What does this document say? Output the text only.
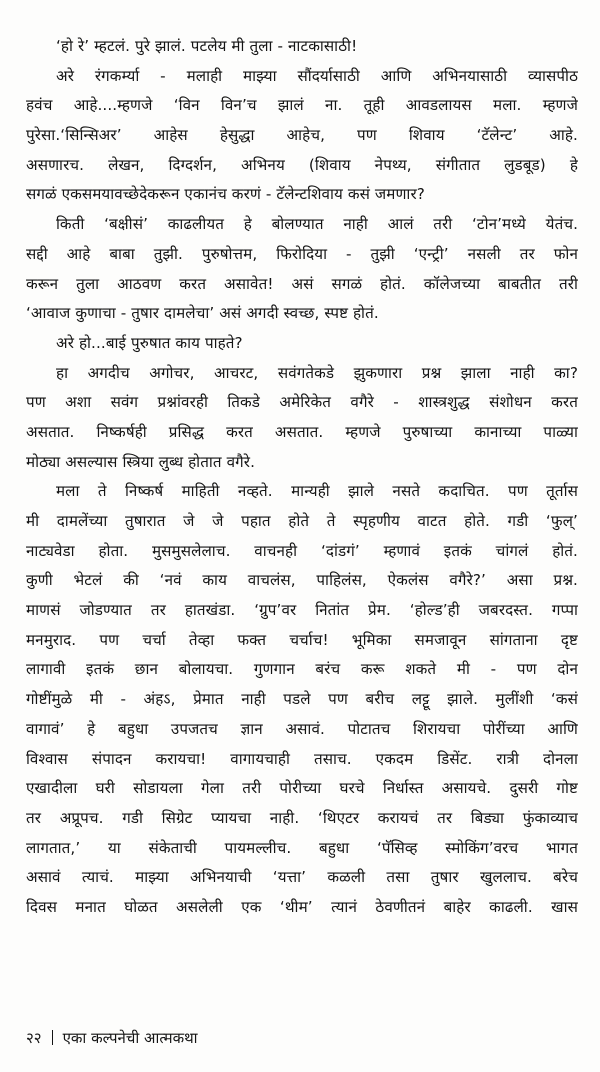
‘हो रे’ म्हटलं. पुरे झालं. पटलेय मी तुला - नाटकासाठी!
अरे रंगकर्म्या - मलाही माझ्या सौंदर्यासाठी आणि अभिनयासाठी व्यासपीठ
हवंच आहे....म्हणजे ‘विन विन’च झालं ना. तूही आवडलायस मला. म्हणजे
पुरेसा.‘सिन्सिअर’ आहेस हेसुद्धा आहेच, पण शिवाय ‘टॅलेन्ट’ आहे.
असणारच. लेखन, दिग्दर्शन, अभिनय (शिवाय नेपथ्य, संगीतात लुडबूड) हे
सगळं एकसमयावच्छेदेकरून एकानंच करणं - टॅलेन्टशिवाय कसं जमणार?
किती ‘बक्षीसं’ काढलीयत हे बोलण्यात नाही आलं तरी ‘टोन’मध्ये येतंच.
सद्दी आहे बाबा तुझी. पुरुषोत्तम, फिरोदिया - तुझी ‘एन्ट्री’ नसली तर फोन
करून तुला आठवण करत असावेत! असं सगळं होतं. कॉलेजच्या बाबतीत तरी
‘आवाज कुणाचा - तुषार दामलेचा’ असं अगदी स्वच्छ, स्पष्ट होतं.
अरे हो...बाई पुरुषात काय पाहते?
हा अगदीच अगोचर, आचरट, सवंगतेकडे झुकणारा प्रश्न झाला नाही का?
पण अशा सवंग प्रश्नांवरही तिकडे अमेरिकेत वगैरे - शास्त्रशुद्ध संशोधन करत
असतात. निष्कर्षही प्रसिद्ध करत असतात. म्हणजे पुरुषाच्या कानाच्या पाळ्या
मोठ्या असल्यास स्त्रिया लुब्ध होतात वगैरे.
मला ते निष्कर्ष माहिती नव्हते. मान्यही झाले नसते कदाचित. पण तूर्तास
मी दामलेंच्या तुषारात जे जे पहात होते ते स्पृहणीय वाटत होते. गडी ‘फुल्’
नाट्यवेडा होता. मुसमुसलेलाच. वाचनही ‘दांडगं’ म्हणावं इतकं चांगलं होतं.
कुणी भेटलं की ‘नवं काय वाचलंस, पाहिलंस, ऐकलंस वगैरे?’ असा प्रश्न.
माणसं जोडण्यात तर हातखंडा. ‘ग्रुप’वर नितांत प्रेम. ‘होल्ड’ही जबरदस्त. गप्पा
मनमुराद. पण चर्चा तेव्हा फक्त चर्चाच! भूमिका समजावून सांगताना दृष्ट
लागावी इतकं छान बोलायचा. गुणगान बरंच करू शकते मी - पण दोन
गोष्टींमुळे मी - अंहऽ, प्रेमात नाही पडले पण बरीच लट्टू झाले. मुलींशी ‘कसं
वागावं’ हे बहुधा उपजतच ज्ञान असावं. पोटातच शिरायचा पोरींच्या आणि
विश्वास संपादन करायचा! वागायचाही तसाच. एकदम डिसेंट. रात्री दोनला
एखादीला घरी सोडायला गेला तरी पोरीच्या घरचे निर्धास्त असायचे. दुसरी गोष्ट
तर अप्रूपच. गडी सिग्रेट प्यायचा नाही. ‘थिएटर करायचं तर बिड्या फुंकाव्याच
लागतात,’ या संकेताची पायमल्लीच. बहुधा ‘पॅसिव्ह स्मोकिंग’वरच भागत
असावं त्याचं. माझ्या अभिनयाची ‘यत्ता’ कळली तसा तुषार खुललाच. बरेच
दिवस मनात घोळत असलेली एक ‘थीम’ त्यानं ठेवणीतनं बाहेर काढली. खास
२२ एका कल्पनेची आत्मकथा
